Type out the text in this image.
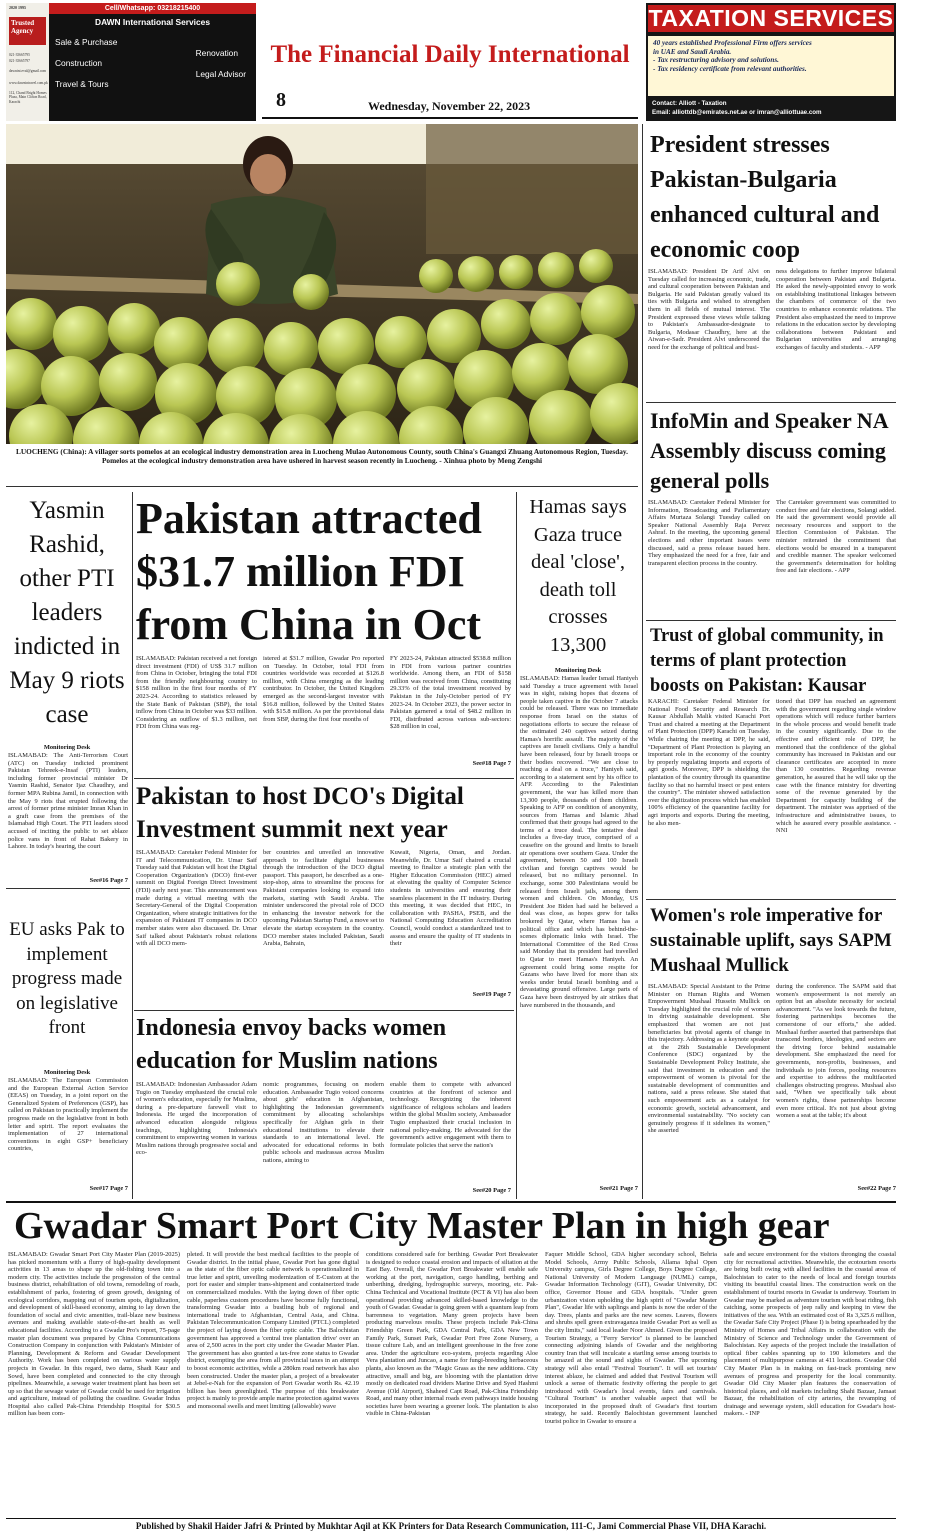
2020 1995
Trusted Agency
021-35665795
021-35665797
dawnint.eval@gmail.com
www.dawnintravel.com.pk
112, Chand Bright Homes Plaza, Main Clifton Road, Karachi
Cell/Whatsapp: 03218215400
DAWN International Services
Sale & Purchase
Renovation
Construction
Legal Advisor
Travel & Tours
The Financial Daily International
8	Wednesday, November 22, 2023
TAXATION SERVICES
40 years established Professional Firm offers services
in UAE and Saudi Arabia.
- Tax restructuring advisory and solutions.
- Tax residency certificate from relevant authorities.
Contact: Alliott - Taxation
Email: alliottdb@emirates.net.ae or imran@alliottuae.com
LUOCHENG (China): A villager sorts pomelos at an ecological industry demonstration area in Luocheng Mulao Autonomous County, south China's Guangxi Zhuang Autonomous Region, Tuesday. Pomelos at the ecological industry demonstration area have ushered in harvest season recently in Luocheng. - Xinhua photo by Meng Zengshi
President stresses Pakistan-Bulgaria enhanced cultural and economic coop
ISLAMABAD: President Dr Arif Alvi on Tuesday called for increasing economic, trade, and cultural cooperation between Pakistan and Bulgaria. He said Pakistan greatly valued its ties with Bulgaria and wished to strengthen them in all fields of mutual interest. The President expressed these views while talking to Pakistan's Ambassador-designate to Bulgaria, Modasar Chaudhry, here at the Aiwan-e-Sadr. President Alvi underscored the need for the exchange of political and busi-
ness delegations to further improve bilateral cooperation between Pakistan and Bulgaria. He asked the newly-appointed envoy to work on establishing institutional linkages between the chambers of commerce of the two countries to enhance economic relations. The President also emphasized the need to improve relations in the education sector by developing collaborations between Pakistani and Bulgarian universities and arranging exchanges of faculty and students. - APP
InfoMin and Speaker NA Assembly discuss coming general polls
ISLAMABAD: Caretaker Federal Minister for Information, Broadcasting and Parliamentary Affairs Murtaza Solangi Tuesday called on Speaker National Assembly Raja Pervez Ashraf. In the meeting, the upcoming general elections and other important issues were discussed, said a press release issued here. They emphasized the need for a free, fair and transparent election process in the country.
The Caretaker government was committed to conduct free and fair elections, Solangi added. He said the government would provide all necessary resources and support to the Election Commission of Pakistan. The minister reiterated the commitment that elections would be ensured in a transparent and credible manner. The speaker welcomed the government's determination for holding free and fair elections. - APP
Trust of global community, in terms of plant protection boosts on Pakistan: Kausar
KARACHI: Caretaker Federal Minister for National Food Security and Research Dr. Kausar Abdullah Malik visited Karachi Port Trust and chaired a meeting at the Department of Plant Protection (DPP) Karachi on Tuesday. While chairing the meeting at DPP, he said, "Department of Plant Protection is playing an important role in the economy of the country by properly regulating imports and exports of agri goods. Moreover, DPP is shielding the plantation of the country through its quarantine facility so that no harmful insect or pest enters the country". The minister showed satisfaction over the digitization process which has enabled 100% efficiency of the quarantine facility for agri imports and exports. During the meeting, he also men-
tioned that DPP has reached an agreement with the government regarding single window operations which will reduce further barriers in the whole process and would benefit trade in the country significantly. Due to the effective and efficient role of DPP, he mentioned that the confidence of the global community has increased in Pakistan and our clearance certificates are accepted in more than 130 countries. Regarding revenue generation, he assured that he will take up the case with the finance ministry for diverting some of the revenue generated by the Department for capacity building of the department. The minister was apprised of the infrastructure and administrative issues, to which he assured every possible assistance. - NNI
Women's role imperative for sustainable uplift, says SAPM Mushaal Mullick
ISLAMABAD: Special Assistant to the Prime Minister on Human Rights and Women Empowerment Mushaal Hussein Mullick on Tuesday highlighted the crucial role of women in driving sustainable development. She emphasized that women are not just beneficiaries but pivotal agents of change in this trajectory. Addressing as a keynote speaker at the 26th Sustainable Development Conference (SDC) organized by the Sustainable Development Policy Institute, she said that investment in education and the empowerment of women is pivotal for the sustainable development of communities and nations, said a press release. She stated that such empowerment acts as a catalyst for economic growth, societal advancement, and environmental sustainability. "No society can genuinely progress if it sidelines its women," she asserted
during the conference. The SAPM said that women's empowerment is not merely an option but an absolute necessity for societal advancement. "As we look towards the future, fostering partnerships becomes the cornerstone of our efforts," she added. Mushaal further asserted that partnerships that transcend borders, ideologies, and sectors are the driving force behind sustainable development. She emphasized the need for governments, non-profits, businesses, and individuals to join forces, pooling resources and expertise to address the multifaceted challenges obstructing progress. Mushaal also said, "When we specifically talk about women's rights, these partnerships become even more critical. It's not just about giving women a seat at the table; it's about
See#22 Page 7
Yasmin Rashid, other PTI leaders indicted in May 9 riots case
Monitoring Desk
ISLAMABAD: The Anti-Terrorism Court (ATC) on Tuesday indicted prominent Pakistan Tehreek-e-Insaf (PTI) leaders, including former provincial minister Dr Yasmin Rashid, Senator Ijaz Chaudhry, and former MPA Rubina Jamil, in connection with the May 9 riots that erupted following the arrest of former prime minister Imran Khan in a graft case from the premises of the Islamabad High Court. The PTI leaders stood accused of inciting the public to set ablaze police vans in front of Rahat Bakery in Lahore. In today's hearing, the court
See#16 Page 7
EU asks Pak to implement progress made on legislative front
Monitoring Desk
ISLAMABAD: The European Commission and the European External Action Service (EEAS) on Tuesday, in a joint report on the Generalized System of Preferences (GSP), has called on Pakistan to practically implement the progress made on the legislative front in both letter and spirit. The report evaluates the implementation of 27 international conventions in eight GSP+ beneficiary countries,
See#17 Page 7
Pakistan attracted $31.7 million FDI from China in Oct
ISLAMABAD: Pakistan received a net foreign direct investment (FDI) of US$ 31.7 million from China in October, bringing the total FDI from the friendly neighbouring country to $158 million in the first four months of FY 2023-24. According to statistics released by the State Bank of Pakistan (SBP), the total inflow from China in October was $33 million. Considering an outflow of $1.3 million, net FDI from China was reg-
istered at $31.7 million, Gwadar Pro reported on Tuesday. In October, total FDI from countries worldwide was recorded at $126.8 million, with China emerging as the leading contributor. In October, the United Kingdom emerged as the second-largest investor with $16.8 million, followed by the United States with $15.8 million. As per the provisional data from SBP, during the first four months of
FY 2023-24, Pakistan attracted $538.8 million in FDI from various partner countries worldwide. Among them, an FDI of $158 million was received from China, constituting 29.33% of the total investment received by Pakistan in the July-October period of FY 2023-24. In October 2023, the power sector in Pakistan garnered a total of $48.2 million in FDI, distributed across various sub-sectors: $28 million in coal,
See#18 Page 7
Pakistan to host DCO's Digital Investment summit next year
ISLAMABAD: Caretaker Federal Minister for IT and Telecommunication, Dr. Umar Saif Tuesday said that Pakistan will host the Digital Cooperation Organization's (DCO) first-ever summit on Digital Foreign Direct Investment (FDI) early next year. This announcement was made during a virtual meeting with the Secretary-General of the Digital Cooperation Organization, where strategic initiatives for the expansion of Pakistani IT companies in DCO member states were also discussed. Dr. Umar Saif talked about Pakistan's robust relations with all DCO mem-
ber countries and unveiled an innovative approach to facilitate digital businesses through the introduction of the DCO digital passport. This passport, he described as a one-stop-shop, aims to streamline the process for Pakistani companies looking to expand into markets, starting with Saudi Arabia. The minister underscored the pivotal role of DCO in enhancing the investor network for the upcoming Pakistan Startup Fund, a move set to elevate the startup ecosystem in the country. DCO member states included Pakistan, Saudi Arabia, Bahrain,
Kuwait, Nigeria, Oman, and Jordan. Meanwhile, Dr. Umar Saif chaired a crucial meeting to finalize a strategic plan with the Higher Education Commission (HEC) aimed at elevating the quality of Computer Science students in universities and ensuring their seamless placement in the IT industry. During this meeting, it was decided that HEC, in collaboration with PASHA, PSEB, and the National Computing Education Accreditation Council, would conduct a standardized test to assess and ensure the quality of IT students in their
See#19 Page 7
Indonesia envoy backs women education for Muslim nations
ISLAMABAD: Indonesian Ambassador Adam Tugio on Tuesday emphasized the crucial role of women's education, especially for Muslims, during a pre-departure farewell visit to Indonesia. He urged the incorporation of advanced education alongside religious teachings, highlighting Indonesia's commitment to empowering women in various Muslim nations through progressive social and eco-
nomic programmes, focusing on modern education. Ambassador Tugio voiced concerns about girls' education in Afghanistan, highlighting the Indonesian government's commitment by allocating scholarships specifically for Afghan girls in their educational institutions to elevate their standards to an international level. He advocated for educational reforms in both public schools and madrassas across Muslim nations, aiming to
enable them to compete with advanced countries at the forefront of science and technology. Recognizing the inherent significance of religious scholars and leaders within the global Muslim society, Ambassador Tugio emphasized their crucial inclusion in national policy-making. He advocated for the government's active engagement with them to formulate policies that serve the nation's
See#20 Page 7
Hamas says Gaza truce deal 'close', death toll crosses 13,300
Monitoring Desk
ISLAMABAD: Hamas leader Ismail Haniyeh said Tuesday a truce agreement with Israel was in sight, raising hopes that dozens of people taken captive in the October 7 attacks could be released. There was no immediate response from Israel on the status of negotiations efforts to secure the release of the estimated 240 captives seized during Hamas's horrific assault. The majority of the captives are Israeli civilians. Only a handful have been released, four by Israeli troops or their bodies recovered. "We are close to reaching a deal on a truce," Haniyeh said, according to a statement sent by his office to AFP. According to the Palestinian government, the war has killed more than 13,300 people, thousands of them children. Speaking to AFP on condition of anonymity, sources from Hamas and Islamic Jihad confirmed that their groups had agreed to the terms of a truce deal. The tentative deal includes a five-day truce, comprised of a ceasefire on the ground and limits to Israeli air operations over southern Gaza. Under the agreement, between 50 and 100 Israeli civilian and foreign captives would be released, but no military personnel. In exchange, some 300 Palestinians would be released from Israeli jails, among them women and children. On Monday, US President Joe Biden had said he believed a deal was close, as hopes grew for talks brokered by Qatar, where Hamas has a political office and which has behind-the-scenes diplomatic links with Israel. The International Committee of the Red Cross said Monday that its president had travelled to Qatar to meet Hamas's Haniyeh. An agreement could bring some respite for Gazans who have lived for more than six weeks under brutal Israeli bombing and a devastating ground offensive. Large parts of Gaza have been destroyed by air strikes that have numbered in the thousands, and
See#21 Page 7
Gwadar Smart Port City Master Plan in high gear
ISLAMABAD: Gwadar Smart Port City Master Plan (2019-2025) has picked momentum with a flurry of high-quality development activities in 13 areas to shape up the old-fishing town into a modern city. The activities include the progression of the central business district, rehabilitation of old towns, remodeling of roads, establishment of parks, fostering of green growth, designing of ecological corridors, mapping out of tourism spots, digitalization, and development of skill-based economy, aiming to lay down the foundation of social and civic amenities, trail-blaze new business avenues and making available state-of-the-art health as well educational facilities. According to a Gwadar Pro's report, 75-page master plan document was prepared by China Communications Construction Company in conjunction with Pakistan's Minister of Planning, Development & Reform and Gwadar Development Authority. Work has been completed on various water supply projects in Gwadar. In this regard, two dams, Shadi Kaur and Sowd, have been completed and connected to the city through pipelines. Meanwhile, a sewage water treatment plant has been set up so that the sewage water of Gwadar could be used for irrigation and agriculture, instead of polluting the coastline. Gwadar Indus Hospital also called Pak-China Friendship Hospital for $30.5 million has been com-
pleted. It will provide the best medical facilities to the people of Gwadar district. In the initial phase, Gwadar Port has gone digital as the state of the fiber optic cable network is operationalized in true letter and spirit, unveiling modernization of E-Custom at the port for easier and simpler trans-shipment and containerized trade on commercialized modules. With the laying down of fiber optic cable, paperless custom procedures have become fully functional, transforming Gwadar into a bustling hub of regional and international trade to Afghanistan, Central Asia, and China. Pakistan Telecommunication Company Limited (PTCL) completed the project of laying down the fiber optic cable. The Balochistan government has approved a 'central tree plantation drive' over an area of 2,500 acres in the port city under the Gwadar Master Plan. The government has also granted a tax-free zone status to Gwadar district, exempting the area from all provincial taxes in an attempt to boost economic activities, while a 280km road network has also been constructed. Under the master plan, a project of a breakwater at Jebel-e-Nah for the expansion of Port Gwadar worth Rs. 42.19 billion has been greenlighted. The purpose of this breakwater project is mainly to provide ample marine protection against waves and monsoonal swells and meet limiting (allowable) wave
conditions considered safe for berthing. Gwadar Port Breakwater is designed to reduce coastal erosion and impacts of siltation at the East Bay. Overall, the Gwadar Port Breakwater will enable safe working at the port, navigation, cargo handling, berthing and unberthing, dredging, hydrographic surveys, mooring, etc. Pak-China Technical and Vocational Institute (PCT & VI) has also been operational providing advanced skilled-based knowledge to the youth of Gwadar. Gwadar is going green with a quantum leap from barrenness to vegetation. Many green projects have been producing marvelous results. These projects include Pak-China Friendship Green Park, GDA Central Park, GDA New Town Family Park, Sunset Park, Gwadar Port Free Zone Nursery, a tissue culture Lab, and an intelligent greenhouse in the free zone area. Under the agriculture eco-system, projects regarding Aloe Vera plantation and Juncao, a name for fungi-breeding herbaceous plants, also known as the "Magic Grass as the new additions. City attractive, small and big, are blooming with the plantation drive mostly on dedicated road dividers Marine Drive and Syed Hashmi Avenue (Old Airport), Shaheed Capt Road, Pak-China Friendship Road, and many other internal roads even pathways inside housing societies have been wearing a greener look. The plantation is also visible in China-Pakistan
Faquer Middle School, GDA higher secondary school, Behria Model Schools, Army Public Schools, Allama Iqbal Open University campus, Girls Degree College, Boys Degree College, National University of Modern Language (NUML) camps, Gwadar Information Technology (GIT), Gwadar University, DC office, Governor House and GDA hospitals. "Under green urbanization vision upholding the high spirit of "Gwadar Master Plan", Gwadar life with saplings and plants is now the order of the day. Trees, plants and parks are the new scenes. Leaves, flowers and shrubs spell green extravaganza inside Gwadar Port as well as the city limits," said local leader Noor Ahmed. Given the proposed Tourism Strategy, a "Ferry Service" is planned to be launched connecting adjoining islands of Gwadar and the neighboring country Iran that will inculcate a startling sense among tourists to be amazed at the sound and sights of Gwadar. The upcoming strategy will also entail "Festival Tourism". It will set tourists' interest ablaze, he claimed and added that Festival Tourism will unlock a sense of thematic festivity offering the people to get introduced with Gwadar's local events, fairs and carnivals. "Cultural Tourism" is another valuable aspect that will be incorporated in the proposed draft of Gwadar's first tourism strategy, he said. Recently Balochistan government launched tourist police in Gwadar to ensure a
safe and secure environment for the visitors thronging the coastal city for recreational activities. Meanwhile, the ecotourism resorts are being built owing with allied facilities in the coastal areas of Balochistan to cater to the needs of local and foreign tourists visiting its beautiful coastal lines. The construction work on the establishment of tourist resorts in Gwadar is underway. Tourism in Gwadar may be marked as adventure tourism with boat riding, fish catching, some prospects of jeep rally and keeping in view the initiatives of the sea. With an estimated cost of Rs 3,325.6 million, the Gwadar Safe City Project (Phase I) is being spearheaded by the Ministry of Homes and Tribal Affairs in collaboration with the Ministry of Science and Technology under the Government of Balochistan. Key aspects of the project include the installation of optical fiber cables spanning up to 190 kilometers and the placement of multipurpose cameras at 411 locations. Gwadar Old City Master Plan is in making on fast-track promising new avenues of progress and prosperity for the local community. Gwadar Old City Master plan features the conservation of historical places, and old markets including Shahi Bazaar, Jamaat Bazaar, the rehabilitation of city arteries, the revamping of drainage and sewerage system, skill education for Gwadar's host-makers. - INP
Published by Shakil Haider Jafri & Printed by Mukhtar Aqil at KK Printers for Data Research Communication, 111-C, Jami Commercial Phase VII, DHA Karachi.
